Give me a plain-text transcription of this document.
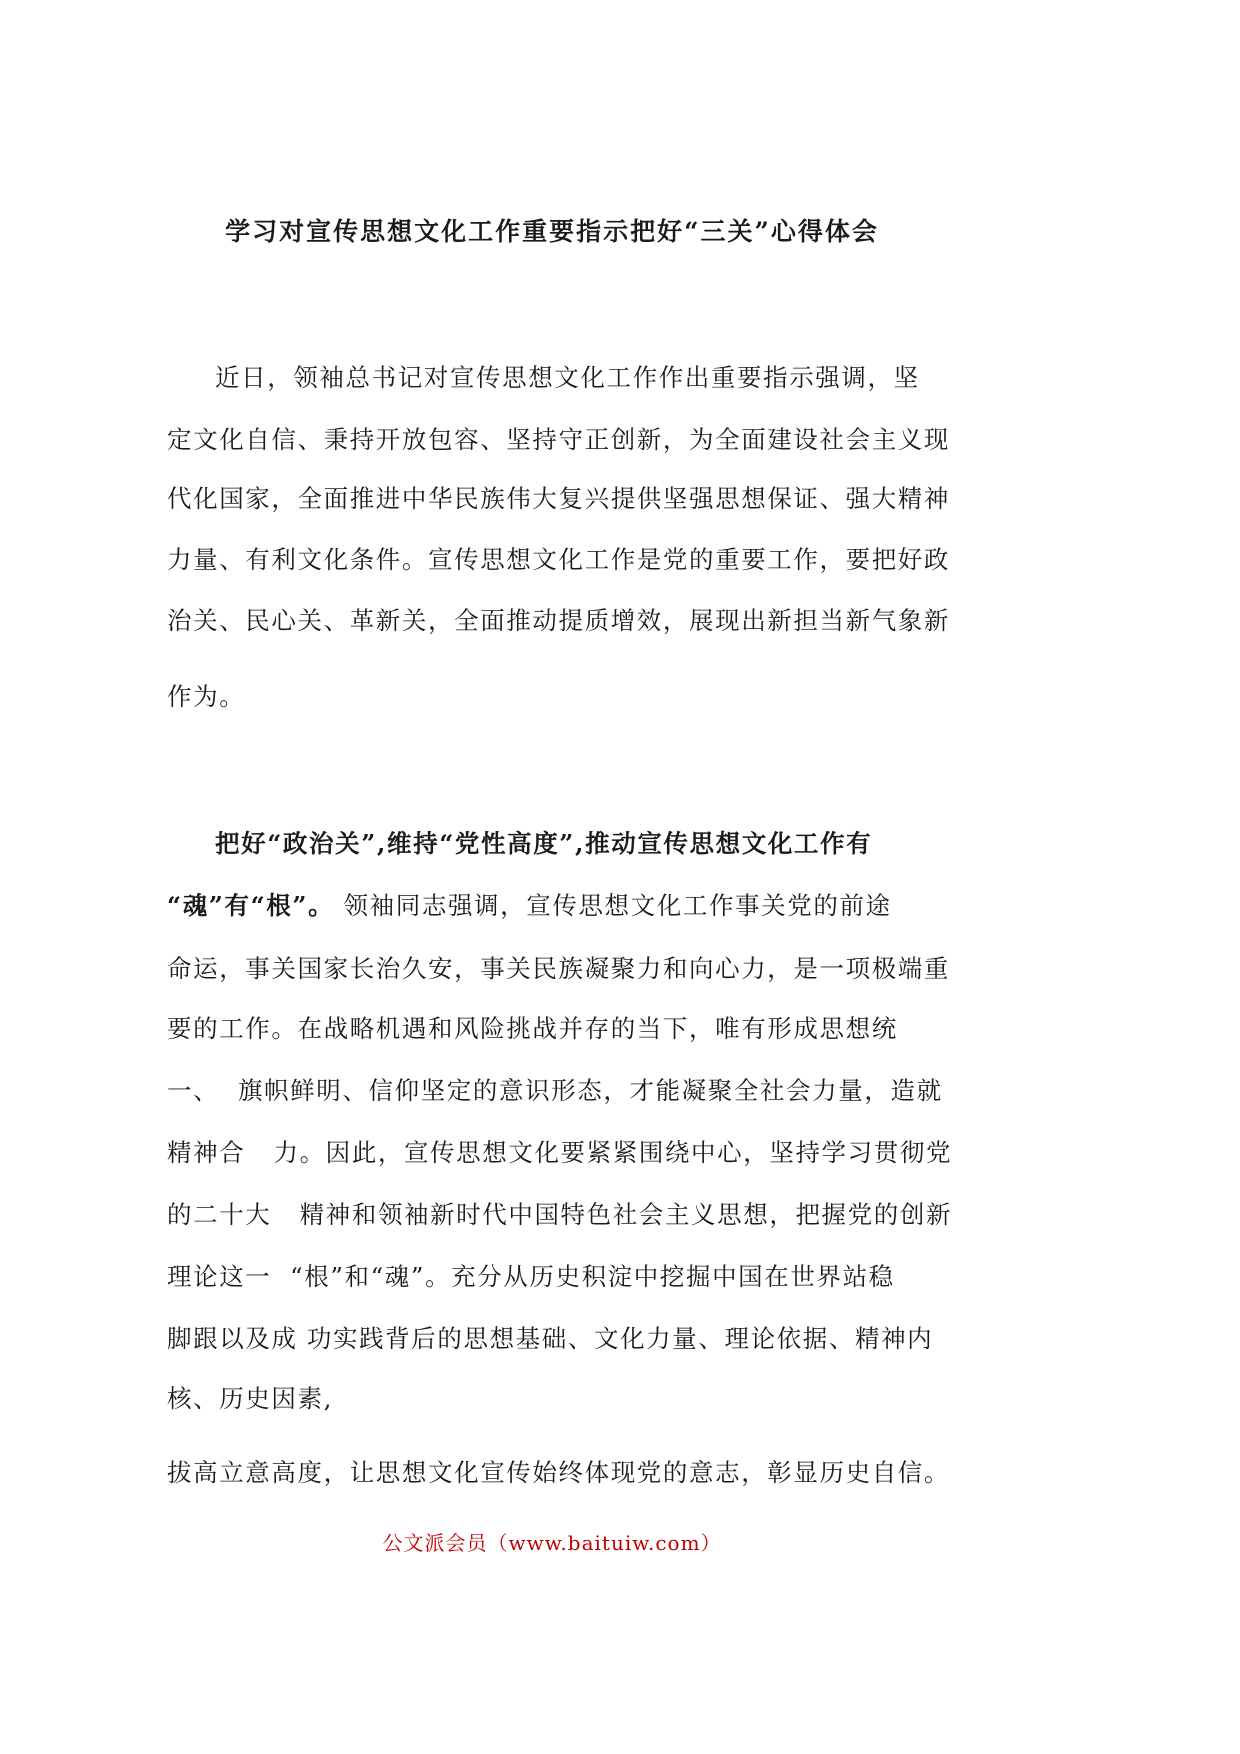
学习对宣传思想文化工作重要指示把好“三关”心得体会
近日，领袖总书记对宣传思想文化工作作出重要指示强调，坚
定文化自信、秉持开放包容、坚持守正创新，为全面建设社会主义现
代化国家，全面推进中华民族伟大复兴提供坚强思想保证、强大精神
力量、有利文化条件。宣传思想文化工作是党的重要工作，要把好政
治关、民心关、革新关，全面推动提质增效，展现出新担当新气象新
作为。
把好“政治关”,维持“党性高度”,推动宣传思想文化工作有
“魂”有“根”。 领袖同志强调，宣传思想文化工作事关党的前途
命运，事关国家长治久安，事关民族凝聚力和向心力，是一项极端重
要的工作。在战略机遇和风险挑战并存的当下，唯有形成思想统
一、  旗帜鲜明、信仰坚定的意识形态，才能凝聚全社会力量，造就
精神合   力。因此，宣传思想文化要紧紧围绕中心，坚持学习贯彻党
的二十大   精神和领袖新时代中国特色社会主义思想，把握党的创新
理论这一  “根”和“魂”。充分从历史积淀中挖掘中国在世界站稳
脚跟以及成 功实践背后的思想基础、文化力量、理论依据、精神内
核、历史因素,
拔高立意高度，让思想文化宣传始终体现党的意志，彰显历史自信。
公文派会员（www.baituiw.com）
